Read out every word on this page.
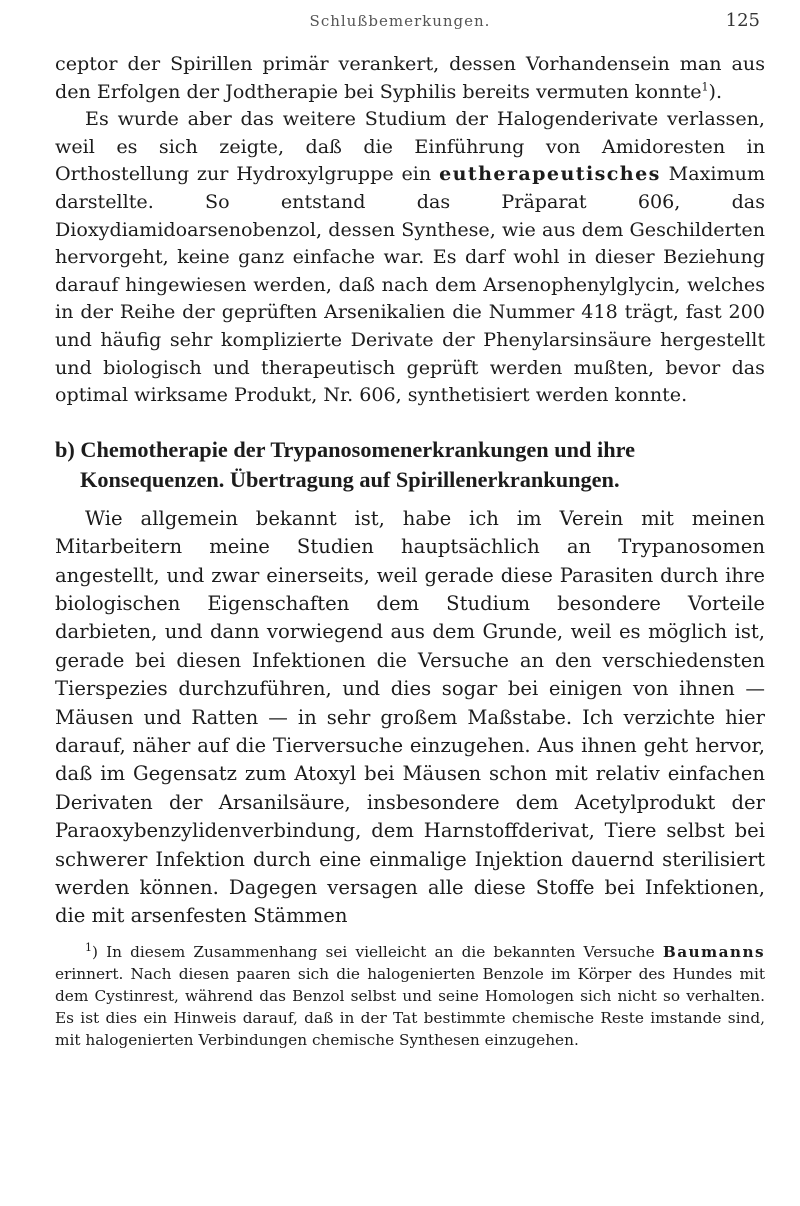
Schlußbemerkungen.	125

ceptor der Spirillen primär verankert, dessen Vorhandensein man aus den Erfolgen der Jodtherapie bei Syphilis bereits vermuten konnte$^1$).

Es wurde aber das weitere Studium der Halogenderivate verlassen, weil es sich zeigte, daß die Einführung von Amidoresten in Orthostellung zur Hydroxylgruppe ein eutherapeutisches Maximum darstellte. So entstand das Präparat 606, das Dioxydiamidoarsenobenzol, dessen Synthese, wie aus dem Geschilderten hervorgeht, keine ganz einfache war. Es darf wohl in dieser Beziehung darauf hingewiesen werden, daß nach dem Arsenophenylglycin, welches in der Reihe der geprüften Arsenikalien die Nummer 418 trägt, fast 200 und häufig sehr komplizierte Derivate der Phenylarsinsäure hergestellt und biologisch und therapeutisch geprüft werden mußten, bevor das optimal wirksame Produkt, Nr. 606, synthetisiert werden konnte.

b) Chemotherapie der Trypanosomenerkrankungen und ihre
Konsequenzen. Übertragung auf Spirillenerkrankungen.

Wie allgemein bekannt ist, habe ich im Verein mit meinen Mitarbeitern meine Studien hauptsächlich an Trypanosomen angestellt, und zwar einerseits, weil gerade diese Parasiten durch ihre biologischen Eigenschaften dem Studium besondere Vorteile darbieten, und dann vorwiegend aus dem Grunde, weil es möglich ist, gerade bei diesen Infektionen die Versuche an den verschiedensten Tierspezies durchzuführen, und dies sogar bei einigen von ihnen — Mäusen und Ratten — in sehr großem Maßstabe. Ich verzichte hier darauf, näher auf die Tierversuche einzugehen. Aus ihnen geht hervor, daß im Gegensatz zum Atoxyl bei Mäusen schon mit relativ einfachen Derivaten der Arsanilsäure, insbesondere dem Acetylprodukt der Paraoxybenzylidenverbindung, dem Harnstoffderivat, Tiere selbst bei schwerer Infektion durch eine einmalige Injektion dauernd sterilisiert werden können. Dagegen versagen alle diese Stoffe bei Infektionen, die mit arsenfesten Stämmen

$^1$) In diesem Zusammenhang sei vielleicht an die bekannten Versuche Baumanns erinnert. Nach diesen paaren sich die halogenierten Benzole im Körper des Hundes mit dem Cystinrest, während das Benzol selbst und seine Homologen sich nicht so verhalten. Es ist dies ein Hinweis darauf, daß in der Tat bestimmte chemische Reste imstande sind, mit halogenierten Verbindungen chemische Synthesen einzugehen.
